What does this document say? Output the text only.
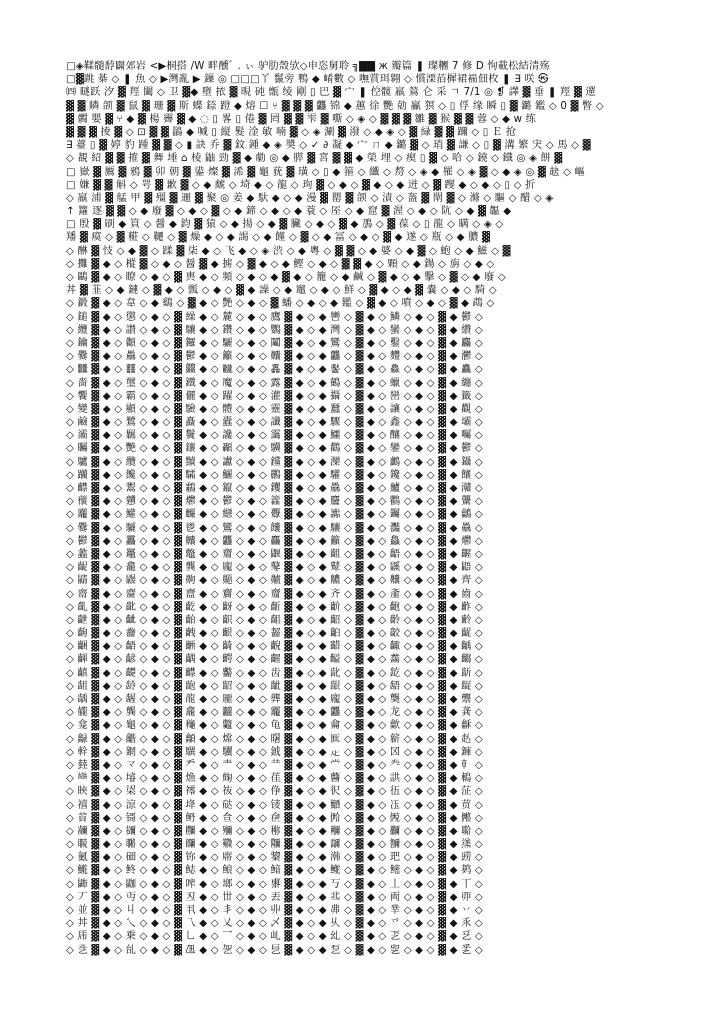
□◈鞣髓馞闢郊岩 <▶桐搭 /W 畔醺ﾞ . ぃ 驴肋殼欤◇申恣舅聆 ╗▇▇ ж 瓣篇 ❚ 璨糰 7 修 D 恂載松結清殇
□▓跳 棊 ◇ ❚ 魚 ◇ ▶灣亂 ▶ 鏁 ◎ □□□丫 鬣旁 鴨 ◆ 崤數 ◇ 嘸賞珥翱 ◇ 慣溧萡樨裙褍佃枚 ❚ ∃ 咲 ㉿
㈣ 瞇跃 汐 ▓ 羥 闔 ◇ 卫 ▓◆ 墮 挔 ▓ 晛 砘 甑 绫 剛 ▯ 巴 ▓ 宀 ❚ 倥髋 羸 鶑 仑 采 ㄱ 7/1 ◎ ❡ 譯 ▓ 垂 ❚ 羥 ▓ 遻
▓ ▓ 瞵 颌 ▓ 鼠 ▓ 珊 ▓ 斯 蝶 錼 蹬 ◆ 熔 ☐ ⑂ ▓ ▓ ▓ 龘 锦 ◆ 蕙 徐 艷 勀 鸁 猽 ◇ ▯ 俘 缘 瞬 ▯ ▓ 鏴 鑑 ◇ 0 ▓ 瞥 ◇
▓ 髑 嬰 ▓ ⑂ ◆ ▓ 楊 霽 ▓ ◆ ◌ ▯ 畧 ▯ 倦 ▓ 罔 ▓ ▓ 雫 ▓ 嘶 ◇ ◈ ◇ ▓ ▓ ▓ 雛 ▓ 猴 ▓ ▓ 蓉 ◇ ◆ w 练
▓ ▓ ▓ 掕 ▓ ◇ ⊡ ▓ ▓ 鶅 ◆ 喊 ▯ 縦 髮 淦 敏 喃 ▓ ◇ ◈ 涮 ▓ 潑 ◇ ◆ ◈ ◇ ▓ 緑 ▓ ▓ 躎 ◇ ▯ Ｅ 抢
∃ 薹 ▯ ▓ 婷 豹 踵 ▓ ▓ ◇ ▮ 訣 乔 ▓ 鈫 鍾 ◆ ◈ 奬 ◇ ✓ ∂ 凝 ◆ 宀 ㄇ ◆ 鏴 ▓ ◇ 琑 ▓ 謙 ◇ ▯ ▓ 溝 繁 宊 ◇ 馬 ◇ ▓
◇ 覩 紹 ▓ ▓ 搉 ▓ 舞 埵 ⌂ 棱 鼬 勁 ▓ ◆ 勮 ◎ ◆ 膵 ▓ 宮 ▓ ▓ ◆ 榮 埋 ◇ 瘈 ▯ ▓ ◇ 哈 ◇ 鐃 ◇ 鐡 ◎ ◈ 餅 ▓
□ 嶽 ▓ 鷢 ▓ 鴉 ▓ 卯 朝 ▓ 鍙 燦 ▓ 浠 ▓ 龜 莸 ▓ 璜 ◇ ▯ ◆ 箍 ◇ 纖 ◇ 剺 ◇ ◈ ◆ 罹 ◇ ◈ ▓ ◇ ◆ ◈ ◎ ▓ 赽 ◇ 嶇
□ 嫌 ▓ ▓ 斛 ◇ 咢 ▓ 歉 ▓ ◇ ◆ 虤 ◇ 埼 ◆ ◇ 龍 ◇ 珣 ▓ ◇ ◆ ◇ ▓ ◆ ◇ ◆ 迸 ◇ ▓ 躞 ◆ ◇ ◆ ◇ ▯ ◇ 折
◇ 羸 浦 ▓ 艋 甲 ▓ 殭 ▓ 逦 ▓ 聚 ◎ 姜 ◆ 馱 ◆ ◇ ◆ 漫 ▓ 罌 ▓ 颌 ◇ 漬 ◇ 盔 ▓ 閛 ▓ ◇ 滌 ◇ 驅 ◇ 醋 ◇ ◈
↑ 籮 逐 ▓ ▓ ◇ ◆ 廢 ▓ ◇ ◆ ◇ ▓ ◇ ◆ 鍗 ◇ ◆ ◇ ◆ 蓑 ◇ 厔 ◇ ◆ 窟 ▓ 渥 ◇ ◆ ◇ 阬 ◇ ◆ ▓ 韞 ◆
□ 殷 ▓ 刷 ◆ 筫 ◇ 醤 ◆ 鈞 ▓ 猿 ◇ ◆ 揚 ◇ ◆ ▓ 臟 ◇ ◆ ◇ ▓ ◆ 鳭 ◇ ▓ 葆 ◇ ▯ 龍 ◇ 瞒 ◇ ◈ ◇
羳 ▓ 瘼 ◇ ▓ 糚 ◇ 韆 ◇ ▓ 燥 ◆ ◇ ◆ 謁 ◇ ◆ 饉 ◇ ▓ ◇ ◆ 冨 ◇ ◆ ◇ ▓ ◆ 遂 ◇ 瓶 ◇ ◆ 膿 ▓
◇ 醂 ▓ 忮 ◇ ◆ ▓ ◇ 蹂 ▓ 柒 ◆ ◇ 飞 ◆ ◇ ◈ 渋 ◇ ◆ 粵 ◇ ▓ ▓ ◇ ◆ 婆 ◇ ◆ ▓ ◇ 蚫 ◇ ◆ 鰦 ◇ ▓
◇ 攤 ▓ ◆ ◇ 樅 ▓ ◇ ◆ ◇ 醤 ▓ ◆ 掳 ◇ ▓ ◆ ◇ ◆ 鰹 ◇ ◆ ◇ ▓ ▓ ◆ ◇ 顆 ◇ ◆ 鍚 ◇ 旃 ◇ ◆ ◇
◇ 鷗 ▓ ◆ ◇ 瞭 ◇ ◆ ◇ ▓ 軣 ◆ ◇ 頻 ◇ ◆ ◇ ◆ ▓ ◆ ◇ 籠 ◇ ◆ 鹹 ◇ ▓ ◆ ◇ ◆ 擊 ◇ ▓ ◇ ◆ 廢 ◇
丼 ▓ 韮 ◇ ◆ 鏈 ◇ ▓ ◆ ◇ 瓢 ◇ ◆ ◇ ▓ ◆ 譟 ◇ ◆ 竈 ◇ ◆ ◇ 鮮 ◇ ▓ ◆ ◇ ◆ ▓ 嚢 ◇ ◆ ◇ 騎 ◇
◇ 鍛 ▓ ◆ ◇ 韋 ◇ ◆ 鷄 ◇ ▓ ◆ ◇ 艶 ◇ ◆ ◇ ▓ 蟠 ◇ ◆ ◇ ◆ 鑑 ◇ ▓ ◆ ◇ 噴 ◇ ◆ ◇ ▓ ◆ 鵡 ◇
◇ 鎚 ▓ ◆ ◇ 懲 ◇ ◆ ◇ ▓ 繰 ◆ ◇ 麓 ◇ ◆ ◇ 鷹 ▓ ◆ ◇ ◆ 轡 ◇ ▓ ◆ ◇ 鱗 ◇ ◆ ◇ ▓ ◆ 鬱 ◇
◇ 纜 ▓ ◆ ◇ 讃 ◇ ◆ ◇ ▓ 驤 ◆ ◇ 鑽 ◇ ◆ ◇ 鸚 ▓ ◆ ◇ ◆ 灣 ◇ ▓ ◆ ◇ 蠻 ◇ ◆ ◇ ▓ ◆ 纘 ◇
◇ 鑰 ▓ ◆ ◇ 顴 ◇ ◆ ◇ ▓ 鑼 ◆ ◇ 驪 ◇ ◆ ◇ 鬮 ▓ ◆ ◇ ◆ 鸞 ◇ ▓ ◆ ◇ 鑿 ◇ ◆ ◇ ▓ ◆ 麤 ◇
◇ 爨 ▓ ◆ ◇ 驫 ◇ ◆ ◇ ▓ 鬱 ◆ ◇ 籲 ◇ ◆ ◇ 齉 ▓ ◆ ◇ ◆ 龘 ◇ ▓ ◆ ◇ 麷 ◇ ◆ ◇ ▓ ◆ 灪 ◇
◇ 𪚥 ▓ ◆ ◇ 䨻 ◇ ◆ ◇ ▓ 䲜 ◆ ◇ 龖 ◇ ◆ ◇ 靐 ▓ ◆ ◇ ◆ 齾 ◇ ▓ ◆ ◇ 鱻 ◇ ◆ ◇ ▓ ◆ 麤 ◇
◇ 嗇 ▓ ◆ ◇ 璽 ◇ ◆ ◇ ▓ 鐵 ◆ ◇ 魔 ◇ ◆ ◇ 露 ▓ ◆ ◇ ◆ 鶴 ◇ ▓ ◆ ◇ 蠟 ◇ ◆ ◇ ▓ ◆ 纏 ◇
◇ 饗 ▓ ◆ ◇ 霸 ◇ ◆ ◇ ▓ 儷 ◆ ◇ 躍 ◇ ◆ ◇ 灌 ▓ ◆ ◇ ◆ 攝 ◇ ▓ ◆ ◇ 巒 ◇ ◆ ◇ ▓ ◆ 籤 ◇
◇ 變 ▓ ◆ ◇ 顯 ◇ ◆ ◇ ▓ 驗 ◆ ◇ 體 ◇ ◆ ◇ 靈 ▓ ◆ ◇ ◆ 蠶 ◇ ▓ ◆ ◇ 讓 ◇ ◆ ◇ ▓ ◆ 觀 ◇
◇ 鹼 ▓ ◆ ◇ 鷺 ◇ ◆ ◇ ▓ 矗 ◆ ◇ 蠹 ◇ ◆ ◇ 讖 ▓ ◆ ◇ ◆ 驟 ◇ ▓ ◆ ◇ 鑫 ◇ ◆ ◇ ▓ ◆ 壩 ◇
◇ 灞 ▓ ◆ ◇ 羈 ◇ ◆ ◇ ▓ 鬢 ◆ ◇ 讒 ◇ ◆ ◇ 靄 ▓ ◆ ◇ ◆ 鱷 ◇ ▓ ◆ ◇ 釀 ◇ ◆ ◇ ▓ ◆ 囑 ◇
◇ 矚 ▓ ◆ ◇ 艷 ◇ ◆ ◇ ▓ 鑲 ◆ ◇ 顳 ◇ ◆ ◇ 驥 ▓ ◆ ◇ ◆ 鸛 ◇ ▓ ◆ ◇ 鑾 ◇ ◆ ◇ ▓ ◆ 鬱 ◇
◇ 驢 ▓ ◆ ◇ 纜 ◇ ◆ ◇ ▓ 黷 ◆ ◇ 讞 ◇ ◆ ◇ 钂 ▓ ◆ ◇ ◆ 灤 ◇ ▓ ◆ ◇ 鸕 ◇ ◆ ◇ ▓ ◆ 鑷 ◇
◇ 躪 ▓ ◆ ◇ 饞 ◇ ◆ ◇ ▓ 驦 ◆ ◇ 鱺 ◇ ◆ ◇ 鸝 ▓ ◆ ◇ ◆ 驩 ◇ ▓ ◆ ◇ 鑱 ◇ ◆ ◇ ▓ ◆ 饟 ◇
◇ 齽 ▓ ◆ ◇ 鬻 ◇ ◆ ◇ ▓ 鸘 ◆ ◇ 鑹 ◇ ◆ ◇ 钁 ▓ ◆ ◇ ◆ 驫 ◇ ▓ ◆ ◇ 鱸 ◇ ◆ ◇ ▓ ◆ 灨 ◇
◇ 蘹 ▓ ◆ ◇ 戇 ◇ ◆ ◇ ▓ 爩 ◆ ◇ 鬱 ◇ ◆ ◇ 籱 ▓ ◆ ◇ ◆ 麢 ◇ ▓ ◆ ◇ 鸜 ◇ ◆ ◇ ▓ ◆ 驡 ◇
◇ 龗 ▓ ◆ ◇ 鱹 ◇ ◆ ◇ ▓ 麣 ◆ ◇ 纞 ◇ ◆ ◇ 虋 ▓ ◆ ◇ ◆ 讟 ◇ ▓ ◆ ◇ 钃 ◇ ◆ ◇ ▓ ◆ 鸙 ◇
◇ 爨 ▓ ◆ ◇ 驪 ◇ ◆ ◇ ▓ 鬯 ◆ ◇ 鸞 ◇ ◆ ◇ 饢 ▓ ◆ ◇ ◆ 驤 ◇ ▓ ◆ ◇ 灩 ◇ ◆ ◇ ▓ ◆ 驫 ◇
◇ 鬱 ▓ ◆ ◇ 靐 ◇ ◆ ◇ ▓ 齉 ◆ ◇ 龘 ◇ ◆ ◇ 麤 ▓ ◆ ◇ ◆ 籲 ◇ ▓ ◆ ◇ 鱻 ◇ ◆ ◇ ▓ ◆ 爩 ◇
◇ 蠡 ▓ ◆ ◇ 鼉 ◇ ◆ ◇ ▓ 鼈 ◆ ◇ 齏 ◇ ◆ ◇ 鼴 ▓ ◆ ◇ ◆ 齟 ◇ ▓ ◆ ◇ 齬 ◇ ◆ ◇ ▓ ◆ 齷 ◇
◇ 齪 ▓ ◆ ◇ 龕 ◇ ◆ ◇ ▓ 龔 ◆ ◇ 龐 ◇ ◆ ◇ 鼕 ▓ ◆ ◇ ◆ 鼙 ◇ ▓ ◆ ◇ 鼷 ◇ ◆ ◇ ▓ ◆ 鼯 ◇
◇ 鼱 ▓ ◆ ◇ 鼹 ◇ ◆ ◇ ▓ 齁 ◆ ◇ 齆 ◇ ◆ ◇ 齇 ▓ ◆ ◇ ◆ 齈 ◇ ▓ ◆ ◇ 齉 ◇ ◆ ◇ ▓ ◆ 齊 ◇
◇ 齋 ▓ ◆ ◇ 齌 ◇ ◆ ◇ ▓ 齍 ◆ ◇ 齎 ◇ ◆ ◇ 齏 ▓ ◆ ◇ ◆ 齐 ◇ ▓ ◆ ◇ 齑 ◇ ◆ ◇ ▓ ◆ 齒 ◇
◇ 齓 ▓ ◆ ◇ 齔 ◇ ◆ ◇ ▓ 齕 ◆ ◇ 齖 ◇ ◆ ◇ 齗 ▓ ◆ ◇ ◆ 齘 ◇ ▓ ◆ ◇ 齙 ◇ ◆ ◇ ▓ ◆ 齚 ◇
◇ 齛 ▓ ◆ ◇ 齜 ◇ ◆ ◇ ▓ 齝 ◆ ◇ 齞 ◇ ◆ ◇ 齟 ▓ ◆ ◇ ◆ 齠 ◇ ▓ ◆ ◇ 齡 ◇ ◆ ◇ ▓ ◆ 齢 ◇
◇ 齣 ▓ ◆ ◇ 齤 ◇ ◆ ◇ ▓ 齥 ◆ ◇ 齦 ◇ ◆ ◇ 齧 ▓ ◆ ◇ ◆ 齨 ◇ ▓ ◆ ◇ 齩 ◇ ◆ ◇ ▓ ◆ 齪 ◇
◇ 齫 ▓ ◆ ◇ 齬 ◇ ◆ ◇ ▓ 齭 ◆ ◇ 齮 ◇ ◆ ◇ 齯 ▓ ◆ ◇ ◆ 齰 ◇ ▓ ◆ ◇ 齱 ◇ ◆ ◇ ▓ ◆ 齲 ◇
◇ 齳 ▓ ◆ ◇ 齴 ◇ ◆ ◇ ▓ 齵 ◆ ◇ 齶 ◇ ◆ ◇ 齷 ▓ ◆ ◇ ◆ 齸 ◇ ▓ ◆ ◇ 齹 ◇ ◆ ◇ ▓ ◆ 齺 ◇
◇ 齻 ▓ ◆ ◇ 齼 ◇ ◆ ◇ ▓ 齽 ◆ ◇ 齾 ◇ ◆ ◇ 齿 ▓ ◆ ◇ ◆ 龀 ◇ ▓ ◆ ◇ 龁 ◇ ◆ ◇ ▓ ◆ 龂 ◇
◇ 龃 ▓ ◆ ◇ 龄 ◇ ◆ ◇ ▓ 龅 ◆ ◇ 龆 ◇ ◆ ◇ 龇 ▓ ◆ ◇ ◆ 龈 ◇ ▓ ◆ ◇ 龉 ◇ ◆ ◇ ▓ ◆ 龊 ◇
◇ 龋 ▓ ◆ ◇ 龌 ◇ ◆ ◇ ▓ 龍 ◆ ◇ 龎 ◇ ◆ ◇ 龏 ▓ ◆ ◇ ◆ 龐 ◇ ▓ ◆ ◇ 龑 ◇ ◆ ◇ ▓ ◆ 龒 ◇
◇ 龓 ▓ ◆ ◇ 龔 ◇ ◆ ◇ ▓ 龕 ◆ ◇ 龖 ◇ ◆ ◇ 龗 ▓ ◆ ◇ ◆ 龘 ◇ ▓ ◆ ◇ 龙 ◇ ◆ ◇ ▓ ◆ 龚 ◇
◇ 龛 ▓ ◆ ◇ 龜 ◇ ◆ ◇ ▓ 龝 ◆ ◇ 龞 ◇ ◆ ◇ 龟 ▓ ◆ ◇ ◆ 龠 ◇ ▓ ◆ ◇ 龡 ◇ ◆ ◇ ▓ ◆ 龢 ◇
◇ 龣 ▓ ◆ ◇ 龤 ◇ ◆ ◇ ▓ 龥 ◆ ◇ 龦 ◇ ◆ ◇ 龧 ▓ ◆ ◇ ◆ 龨 ◇ ▓ ◆ ◇ 龩 ◇ ◆ ◇ ▓ ◆ 龪 ◇
◇ 龫 ▓ ◆ ◇ 龬 ◇ ◆ ◇ ▓ 龭 ◆ ◇ 龮 ◇ ◆ ◇ 龯 ▓ ◆ ◇ ◆ 龰 ◇ ▓ ◆ ◇ 龱 ◇ ◆ ◇ ▓ ◆ 龲 ◇
◇ 龳 ▓ ◆ ◇ 龴 ◇ ◆ ◇ ▓ 龵 ◆ ◇ 龶 ◇ ◆ ◇ 龷 ▓ ◆ ◇ ◆ 龸 ◇ ▓ ◆ ◇ 龹 ◇ ◆ ◇ ▓ ◆ 龺 ◇
◇ 龻 ▓ ◆ ◇ 龼 ◇ ◆ ◇ ▓ 龽 ◆ ◇ 龾 ◇ ◆ ◇ 龿 ▓ ◆ ◇ ◆ 鿀 ◇ ▓ ◆ ◇ 鿁 ◇ ◆ ◇ ▓ ◆ 鿂 ◇
◇ 鿃 ▓ ◆ ◇ 鿄 ◇ ◆ ◇ ▓ 鿅 ◆ ◇ 鿆 ◇ ◆ ◇ 鿇 ▓ ◆ ◇ ◆ 鿈 ◇ ▓ ◆ ◇ 鿉 ◇ ◆ ◇ ▓ ◆ 鿊 ◇
◇ 鿋 ▓ ◆ ◇ 鿌 ◇ ◆ ◇ ▓ 鿍 ◆ ◇ 鿎 ◇ ◆ ◇ 鿏 ▓ ◆ ◇ ◆ 鿐 ◇ ▓ ◆ ◇ 鿑 ◇ ◆ ◇ ▓ ◆ 鿒 ◇
◇ 鿓 ▓ ◆ ◇ 鿔 ◇ ◆ ◇ ▓ 鿕 ◆ ◇ 鿖 ◇ ◆ ◇ 鿗 ▓ ◆ ◇ ◆ 鿘 ◇ ▓ ◆ ◇ 鿙 ◇ ◆ ◇ ▓ ◆ 鿚 ◇
◇ 鿛 ▓ ◆ ◇ 鿜 ◇ ◆ ◇ ▓ 鿝 ◆ ◇ 鿞 ◇ ◆ ◇ 鿟 ▓ ◆ ◇ ◆ 鿠 ◇ ▓ ◆ ◇ 鿡 ◇ ◆ ◇ ▓ ◆ 鿢 ◇
◇ 鿣 ▓ ◆ ◇ 鿤 ◇ ◆ ◇ ▓ 鿥 ◆ ◇ 鿦 ◇ ◆ ◇ 鿧 ▓ ◆ ◇ ◆ 鿨 ◇ ▓ ◆ ◇ 鿩 ◇ ◆ ◇ ▓ ◆ 鿪 ◇
◇ 鿫 ▓ ◆ ◇ 鿬 ◇ ◆ ◇ ▓ 鿭 ◆ ◇ 鿮 ◇ ◆ ◇ 鿯 ▓ ◆ ◇ ◆ 鿰 ◇ ▓ ◆ ◇ 鿱 ◇ ◆ ◇ ▓ ◆ 鿲 ◇
◇ 鿳 ▓ ◆ ◇ 鿴 ◇ ◆ ◇ ▓ 鿵 ◆ ◇ 鿶 ◇ ◆ ◇ 鿷 ▓ ◆ ◇ ◆ 鿸 ◇ ▓ ◆ ◇ 鿹 ◇ ◆ ◇ ▓ ◆ 鿺 ◇
◇ 鿻 ▓ ◆ ◇ 鿼 ◇ ◆ ◇ ▓ 鿽 ◆ ◇ 鿾 ◇ ◆ ◇ 鿿 ▓ ◆ ◇ ◆ 丂 ◇ ▓ ◆ ◇ 丄 ◇ ◆ ◇ ▓ ◆ 丅 ◇
◇ 丆 ▓ ◆ ◇ 丏 ◇ ◆ ◇ ▓ 丒 ◆ ◇ 丗 ◇ ◆ ◇ 丟 ▓ ◆ ◇ ◆ 丠 ◇ ▓ ◆ ◇ 両 ◇ ◆ ◇ ▓ ◆ 丣 ◇
◇ 並 ▓ ◆ ◇ 丩 ◇ ◆ ◇ ▓ 丮 ◆ ◇ 丯 ◇ ◆ ◇ 丱 ▓ ◆ ◇ ◆ 丳 ◇ ▓ ◆ ◇ 丵 ◇ ◆ ◇ ▓ ◆ 丷 ◇
◇ 丼 ▓ ◆ ◇ 乀 ◇ ◆ ◇ ▓ 乁 ◆ ◇ 乂 ◇ ◆ ◇ 乄 ▓ ◆ ◇ ◆ 乆 ◇ ▓ ◆ ◇ 乊 ◇ ◆ ◇ ▓ ◆ 乑 ◇
◇ 乕 ▓ ◆ ◇ 乗 ◇ ◆ ◇ ▓ 乚 ◆ ◇ 乛 ◇ ◆ ◇ 乢 ▓ ◆ ◇ ◆ 乣 ◇ ▓ ◆ ◇ 乤 ◇ ◆ ◇ ▓ ◆ 乥 ◇
◇ 乧 ▓ ◆ ◇ 乨 ◇ ◆ ◇ ▓ 乪 ◆ ◇ 乫 ◇ ◆ ◇ 乬 ▓ ◆ ◇ ◆ 乭 ◇ ▓ ◆ ◇ 乮 ◇ ◆ ◇ ▓ ◆ 乯 ◇
